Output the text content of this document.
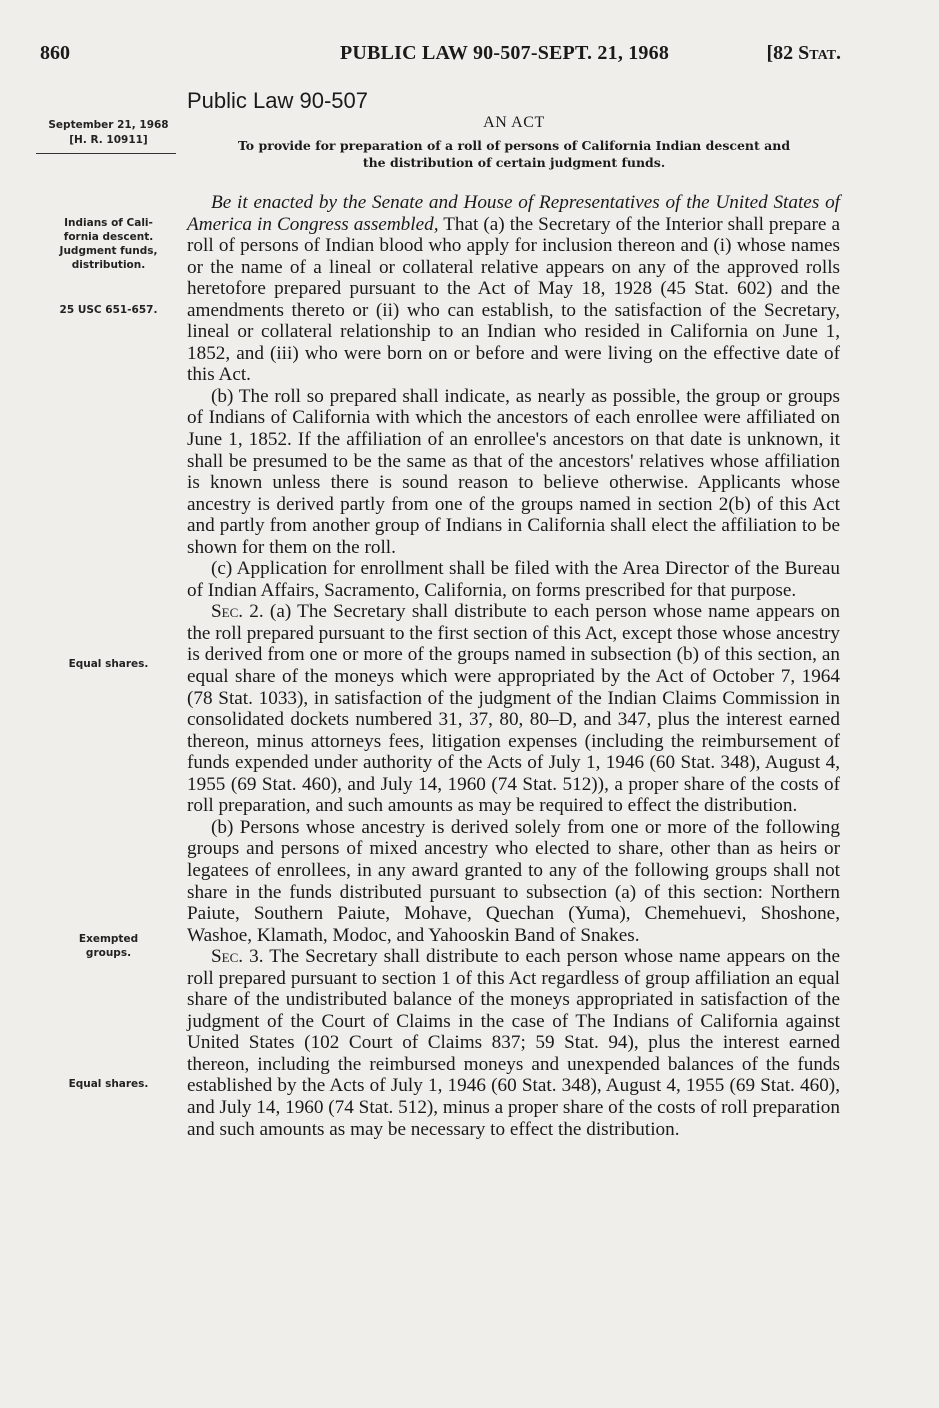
860	PUBLIC LAW 90-507-SEPT. 21, 1968	[82 Stat.
Public Law 90-507
September 21, 1968
[H. R. 10911]
AN ACT
To provide for preparation of a roll of persons of California Indian descent and
the distribution of certain judgment funds.
Indians of Cali-
fornia descent.
Judgment funds,
distribution.
25 USC 651-657.
Equal shares.
Exempted
groups.
Equal shares.

Be it enacted by the Senate and House of Representatives of the United States of America in Congress assembled, That (a) the Secretary of the Interior shall prepare a roll of persons of Indian blood who apply for inclusion thereon and (i) whose names or the name of a lineal or collateral relative appears on any of the approved rolls heretofore prepared pursuant to the Act of May 18, 1928 (45 Stat. 602) and the amendments thereto or (ii) who can establish, to the satisfaction of the Secretary, lineal or collateral relationship to an Indian who resided in California on June 1, 1852, and (iii) who were born on or before and were living on the effective date of this Act.

(b) The roll so prepared shall indicate, as nearly as possible, the group or groups of Indians of California with which the ancestors of each enrollee were affiliated on June 1, 1852. If the affiliation of an enrollee's ancestors on that date is unknown, it shall be presumed to be the same as that of the ancestors' relatives whose affiliation is known unless there is sound reason to believe otherwise. Applicants whose ancestry is derived partly from one of the groups named in section 2(b) of this Act and partly from another group of Indians in California shall elect the affiliation to be shown for them on the roll.

(c) Application for enrollment shall be filed with the Area Director of the Bureau of Indian Affairs, Sacramento, California, on forms prescribed for that purpose.

Sec. 2. (a) The Secretary shall distribute to each person whose name appears on the roll prepared pursuant to the first section of this Act, except those whose ancestry is derived from one or more of the groups named in subsection (b) of this section, an equal share of the moneys which were appropriated by the Act of October 7, 1964 (78 Stat. 1033), in satisfaction of the judgment of the Indian Claims Commission in consolidated dockets numbered 31, 37, 80, 80–D, and 347, plus the interest earned thereon, minus attorneys fees, litigation expenses (including the reimbursement of funds expended under authority of the Acts of July 1, 1946 (60 Stat. 348), August 4, 1955 (69 Stat. 460), and July 14, 1960 (74 Stat. 512)), a proper share of the costs of roll preparation, and such amounts as may be required to effect the distribution.

(b) Persons whose ancestry is derived solely from one or more of the following groups and persons of mixed ancestry who elected to share, other than as heirs or legatees of enrollees, in any award granted to any of the following groups shall not share in the funds distributed pursuant to subsection (a) of this section: Northern Paiute, Southern Paiute, Mohave, Quechan (Yuma), Chemehuevi, Shoshone, Washoe, Klamath, Modoc, and Yahooskin Band of Snakes.

Sec. 3. The Secretary shall distribute to each person whose name appears on the roll prepared pursuant to section 1 of this Act regardless of group affiliation an equal share of the undistributed balance of the moneys appropriated in satisfaction of the judgment of the Court of Claims in the case of The Indians of California against United States (102 Court of Claims 837; 59 Stat. 94), plus the interest earned thereon, including the reimbursed moneys and unexpended balances of the funds established by the Acts of July 1, 1946 (60 Stat. 348), August 4, 1955 (69 Stat. 460), and July 14, 1960 (74 Stat. 512), minus a proper share of the costs of roll preparation and such amounts as may be necessary to effect the distribution.
